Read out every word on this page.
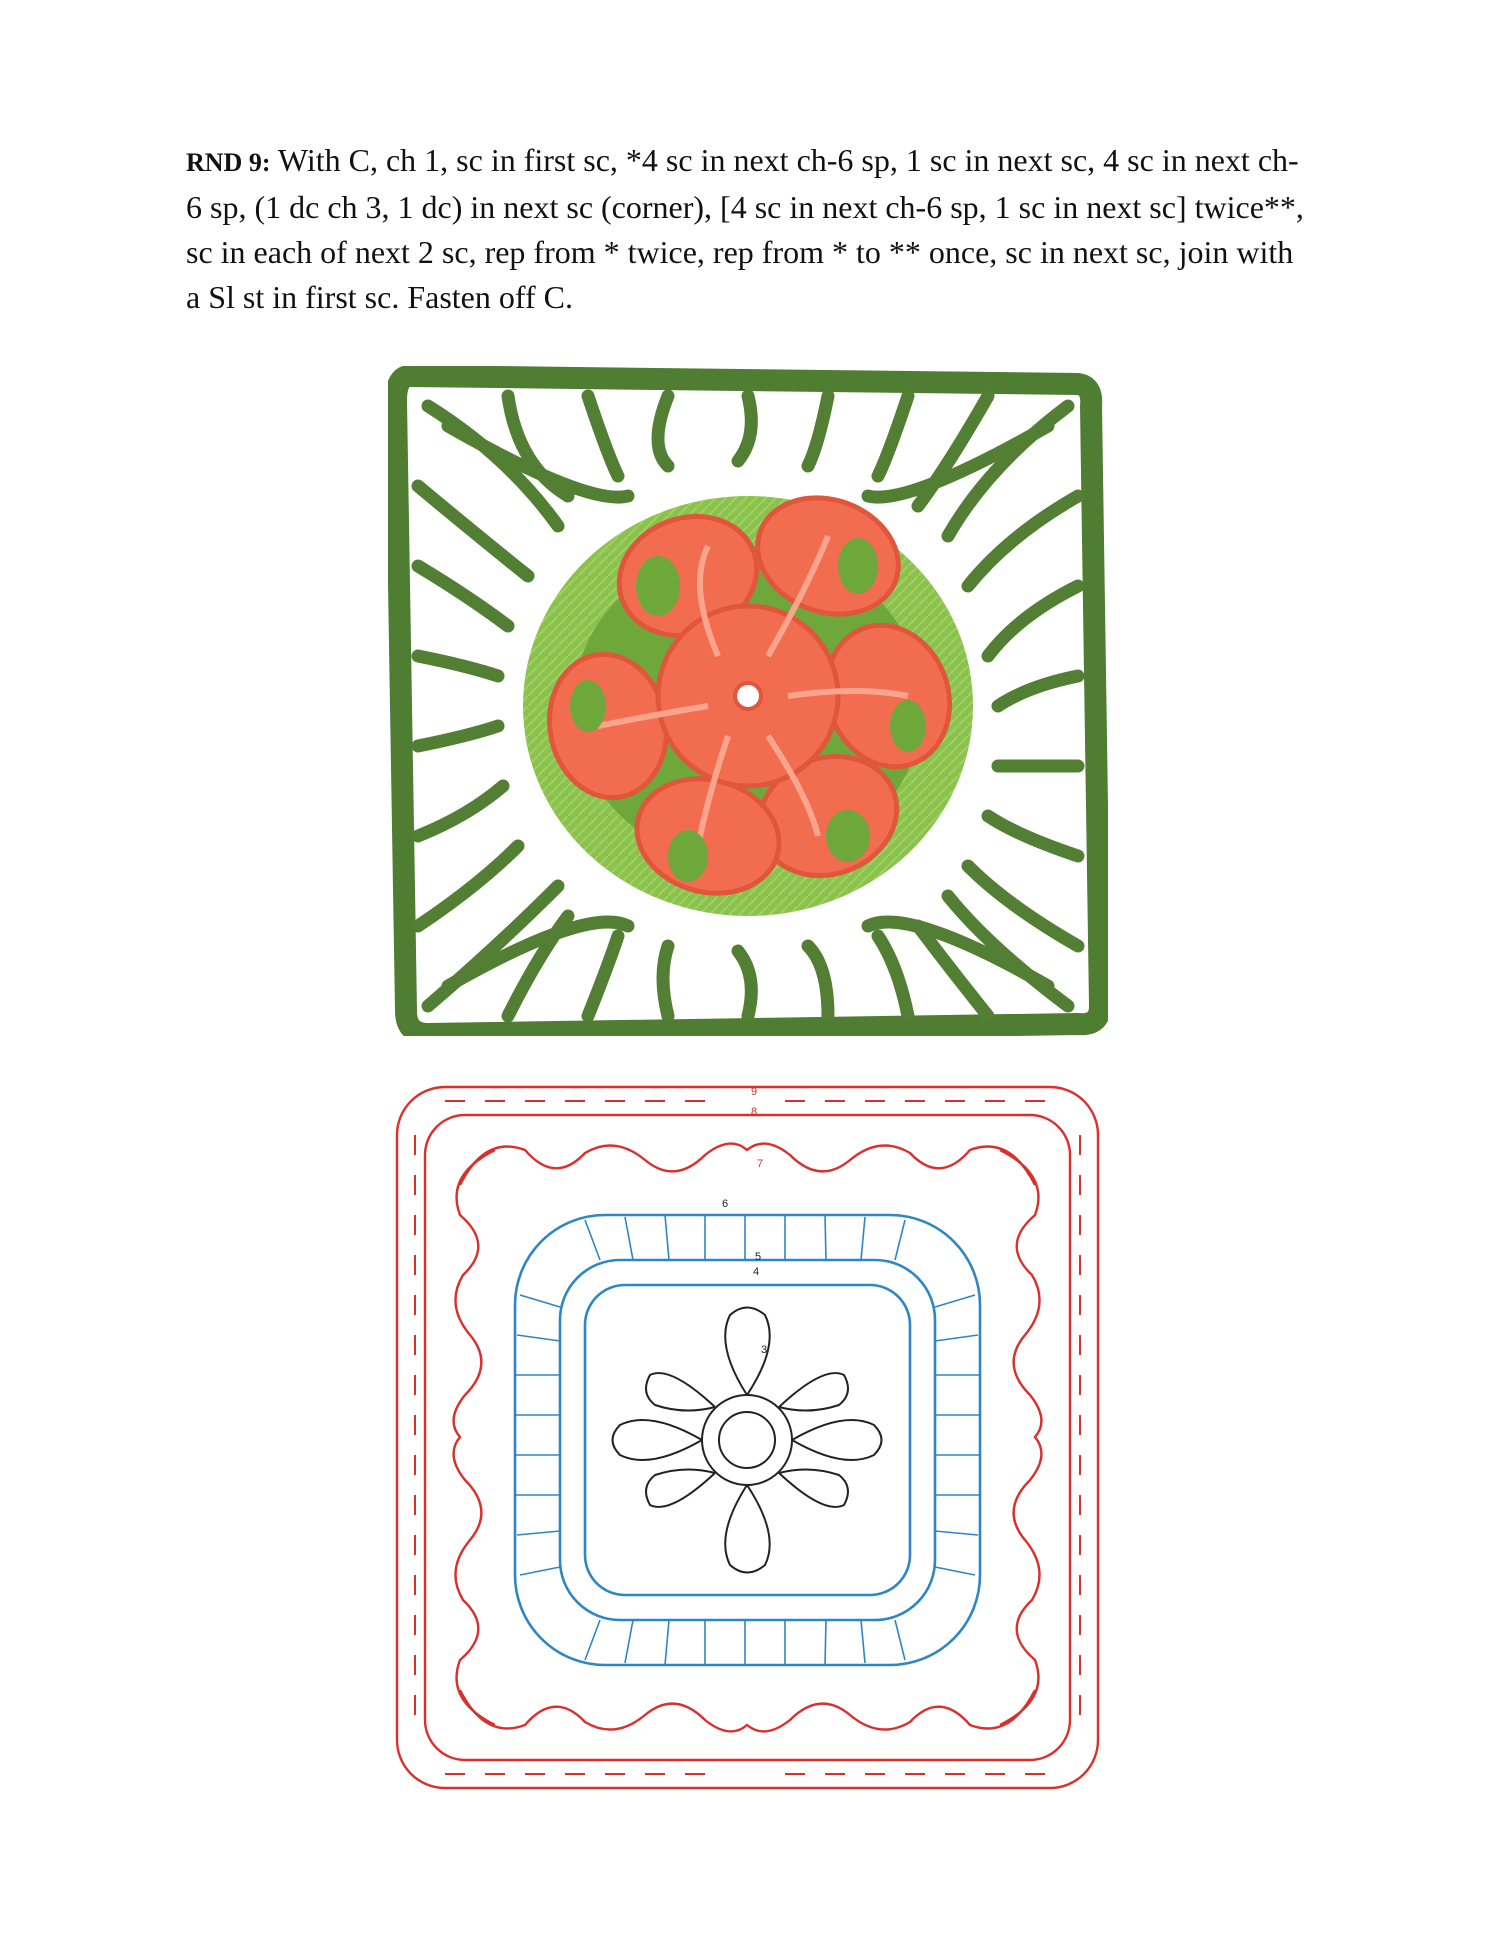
RND 9: With C, ch 1, sc in first sc, *4 sc in next ch-6 sp, 1 sc in next sc, 4 sc in next ch-6 sp, (1 dc ch 3, 1 dc) in next sc (corner), [4 sc in next ch-6 sp, 1 sc in next sc] twice**, sc in each of next 2 sc, rep from * twice, rep from * to ** once, sc in next sc, join with a Sl st in first sc. Fasten off C.
9
8
7
6
5
4
3
